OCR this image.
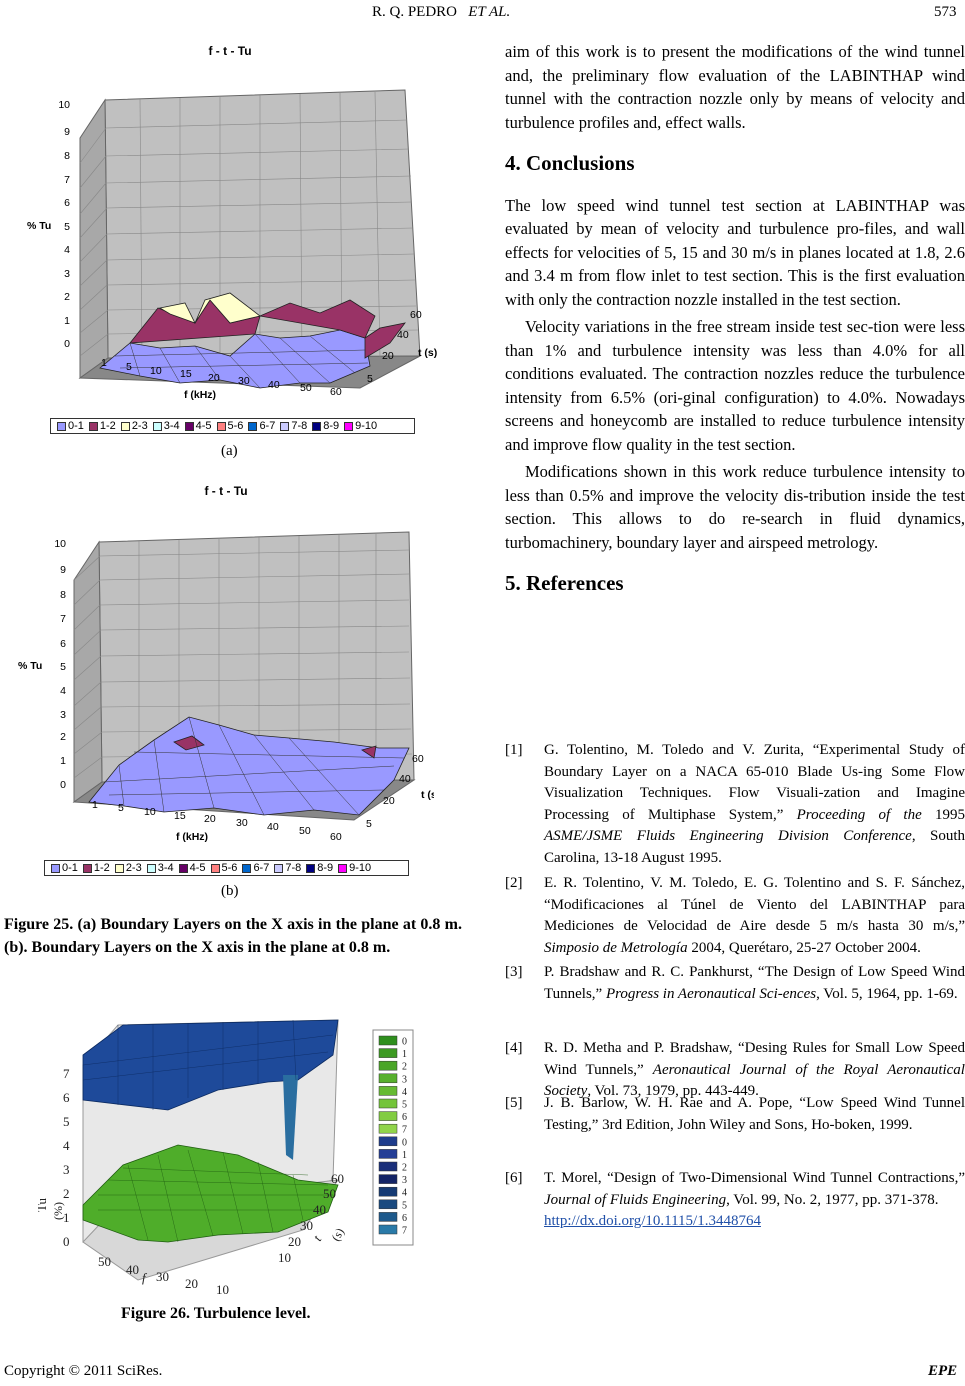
R. Q. PEDRO ET AL.	573
f - t - Tu
% Tu
f (kHz)
t (s)
0
1
2
3
4
5
6
7
8
9
10
1 5 10 15 20 30 40 50 60
5
20
40
60
0-1 1-2 2-3 3-4 4-5 5-6 6-7 7-8 8-9 9-10
(a)
f - t - Tu
% Tu
f (kHz)
t (s
0
1
2
3
4
5
6
7
8
9
10
1 5 10 15 20 30 40 50 60
5
20
40
60
0-1 1-2 2-3 3-4 4-5 5-6 6-7 7-8 8-9 9-10
(b)
Figure 25. (a) Boundary Layers on the X axis in the plane at 0.8 m. (b). Boundary Layers on the X axis in the plane at 0.8 m.
0
1
2
3
4
5
6
7
Tu (%)
50
40 30 20 10
f
10
20
30
40
50
60
t (s)
0
1
2
3
4
5
6
7
0
1
2
3
4
5
6
7
Figure 26. Turbulence level.

aim of this work is to present the modifications of the wind tunnel and, the preliminary flow evaluation of the LABINTHAP wind tunnel with the contraction nozzle only by means of velocity and turbulence profiles and, effect walls.

4. Conclusions

The low speed wind tunnel test section at LABINTHAP was evaluated by mean of velocity and turbulence pro-files, and wall effects for velocities of 5, 15 and 30 m/s in planes located at 1.8, 2.6 and 3.4 m from flow inlet to test section. This is the first evaluation with only the contraction nozzle installed in the test section.

Velocity variations in the free stream inside test sec-tion were less than 1% and turbulence intensity was less than 4.0% for all conditions evaluated. The contraction nozzles reduce the turbulence intensity from 6.5% (ori-ginal configuration) to 4.0%. Nowadays screens and honeycomb are installed to reduce turbulence intensity and improve flow quality in the test section.

Modifications shown in this work reduce turbulence intensity to less than 0.5% and improve the velocity dis-tribution inside the test section. This allows to do re-search in fluid dynamics, turbomachinery, boundary layer and airspeed metrology.

5. References
[1] G. Tolentino, M. Toledo and V. Zurita, “Experimental Study of Boundary Layer on a NACA 65-010 Blade Us-ing Some Flow Visualization Techniques. Flow Visuali-zation and Imagine Processing of Multiphase System,” Proceeding of the 1995 ASME/JSME Fluids Engineering Division Conference, South Carolina, 13-18 August 1995.
[2] E. R. Tolentino, V. M. Toledo, E. G. Tolentino and S. F. Sánchez, “Modificaciones al Túnel de Viento del LABINTHAP para Mediciones de Velocidad de Aire desde 5 m/s hasta 30 m/s,” Simposio de Metrología 2004, Querétaro, 25-27 October 2004.
[3] P. Bradshaw and R. C. Pankhurst, “The Design of Low Speed Wind Tunnels,” Progress in Aeronautical Sci-ences, Vol. 5, 1964, pp. 1-69.
[4] R. D. Metha and P. Bradshaw, “Desing Rules for Small Low Speed Wind Tunnels,” Aeronautical Journal of the Royal Aeronautical Society, Vol. 73, 1979, pp. 443-449.
[5] J. B. Barlow, W. H. Rae and A. Pope, “Low Speed Wind Tunnel Testing,” 3rd Edition, John Wiley and Sons, Ho-boken, 1999.
[6] T. Morel, “Design of Two-Dimensional Wind Tunnel Contractions,” Journal of Fluids Engineering, Vol. 99, No. 2, 1977, pp. 371-378.
http://dx.doi.org/10.1115/1.3448764
Copyright © 2011 SciRes.	EPE
